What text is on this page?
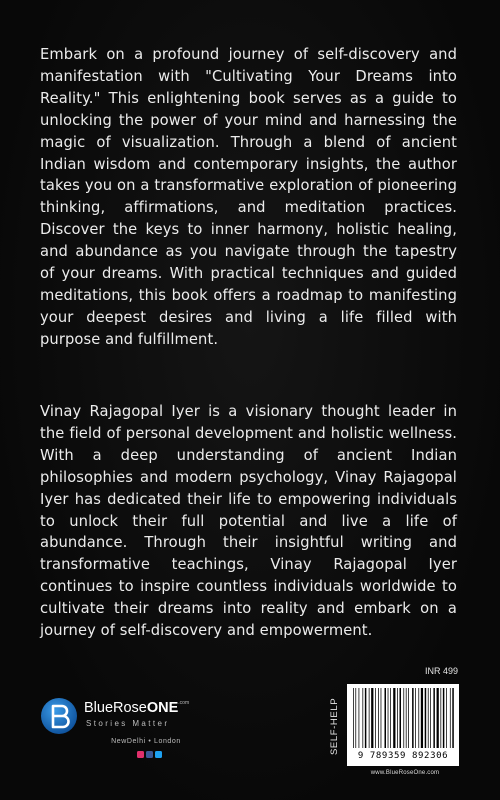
Embark on a profound journey of self-discovery and manifestation with "Cultivating Your Dreams into Reality." This enlightening book serves as a guide to unlocking the power of your mind and harnessing the magic of visualization. Through a blend of ancient Indian wisdom and contemporary insights, the author takes you on a transformative exploration of pioneering thinking, affirmations, and meditation practices. Discover the keys to inner harmony, holistic healing, and abundance as you navigate through the tapestry of your dreams. With practical techniques and guided meditations, this book offers a roadmap to manifesting your deepest desires and living a life filled with purpose and fulfillment.

Vinay Rajagopal Iyer is a visionary thought leader in the field of personal development and holistic wellness. With a deep understanding of ancient Indian philosophies and modern psychology, Vinay Rajagopal Iyer has dedicated their life to empowering individuals to unlock their full potential and live a life of abundance. Through their insightful writing and transformative teachings, Vinay Rajagopal Iyer continues to inspire countless individuals worldwide to cultivate their dreams into reality and embark on a journey of self-discovery and empowerment.

INR 499
SELF-HELP
9 789359 892306
www.BlueRoseOne.com
BlueRoseONE$^{.com}$
Stories Matter
NewDelhi • London
